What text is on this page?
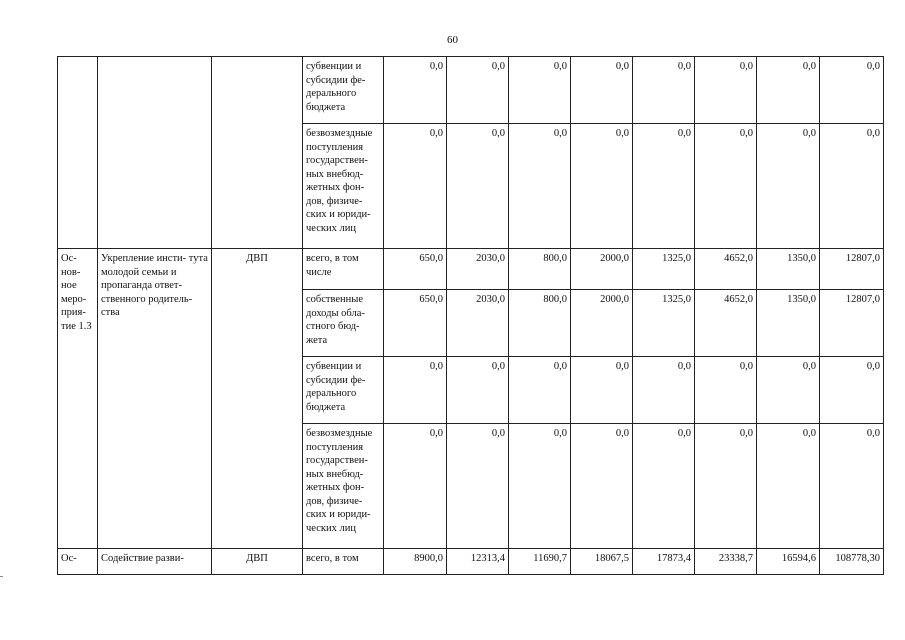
60
			субвенции и субсидии фе- дерального бюджета	0,0	0,0	0,0	0,0	0,0	0,0	0,0	0,0
			безвозмездные поступления государствен- ных внебюд- жетных фон- дов, физиче- ских и юриди- ческих лиц	0,0	0,0	0,0	0,0	0,0	0,0	0,0	0,0
Ос- нов- ное меро- прия- тие 1.3	Укрепление инсти- тута молодой семьи и пропаганда ответ- ственного родитель- ства	ДВП	всего, в том числе	650,0	2030,0	800,0	2000,0	1325,0	4652,0	1350,0	12807,0
			собственные доходы обла- стного бюд- жета	650,0	2030,0	800,0	2000,0	1325,0	4652,0	1350,0	12807,0
			субвенции и субсидии фе- дерального бюджета	0,0	0,0	0,0	0,0	0,0	0,0	0,0	0,0
			безвозмездные поступления государствен- ных внебюд- жетных фон- дов, физиче- ских и юриди- ческих лиц	0,0	0,0	0,0	0,0	0,0	0,0	0,0	0,0
Ос-	Содействие разви-	ДВП	всего, в том	8900,0	12313,4	11690,7	18067,5	17873,4	23338,7	16594,6	108778,30
